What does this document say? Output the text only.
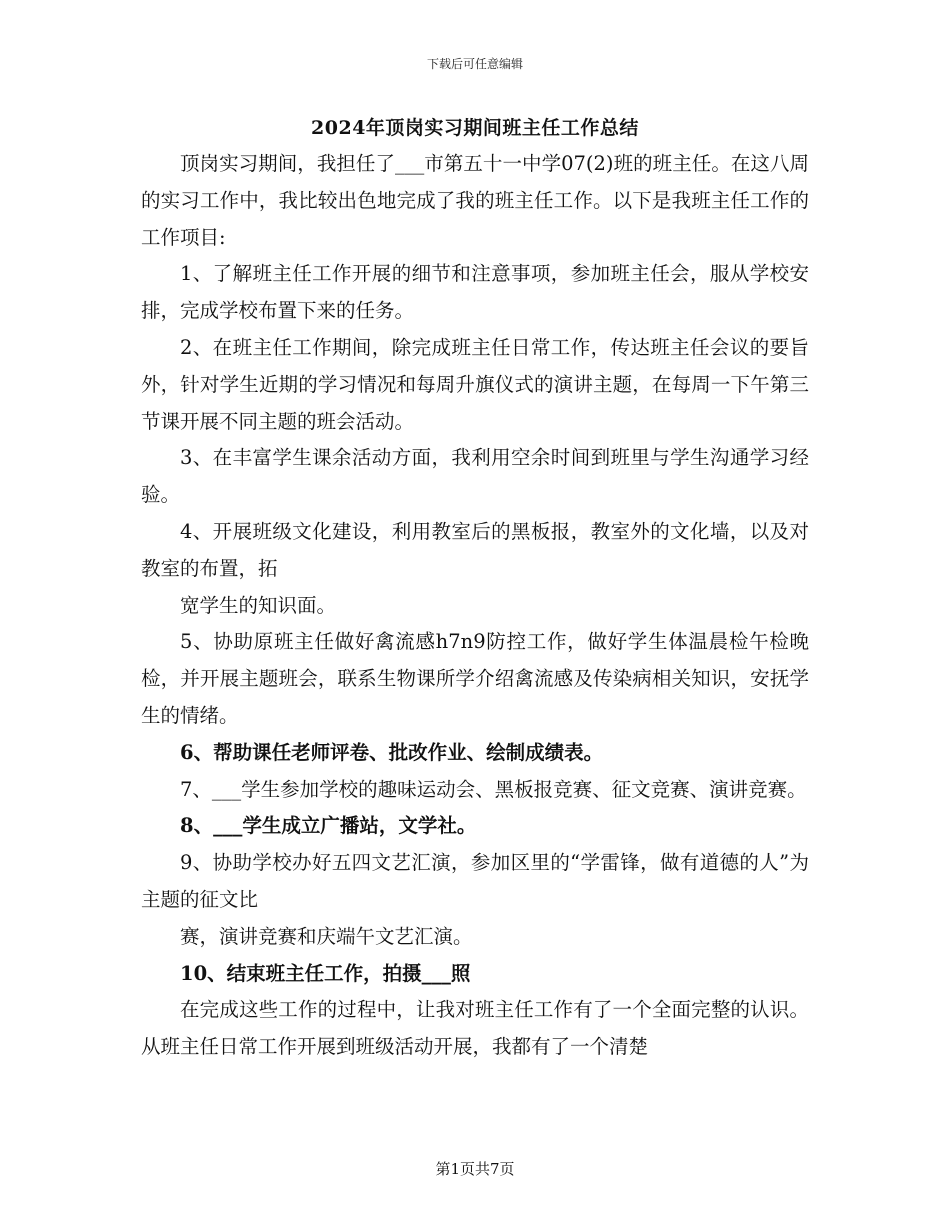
下载后可任意编辑
2024年顶岗实习期间班主任工作总结

顶岗实习期间，我担任了___市第五十一中学07(2)班的班主任。在这八周的实习工作中，我比较出色地完成了我的班主任工作。以下是我班主任工作的工作项目:

1、了解班主任工作开展的细节和注意事项，参加班主任会，服从学校安排，完成学校布置下来的任务。

2、在班主任工作期间，除完成班主任日常工作，传达班主任会议的要旨外，针对学生近期的学习情况和每周升旗仪式的演讲主题，在每周一下午第三节课开展不同主题的班会活动。

3、在丰富学生课余活动方面，我利用空余时间到班里与学生沟通学习经验。

4、开展班级文化建设，利用教室后的黑板报，教室外的文化墙，以及对教室的布置，拓

宽学生的知识面。

5、协助原班主任做好禽流感h7n9防控工作，做好学生体温晨检午检晚检，并开展主题班会，联系生物课所学介绍禽流感及传染病相关知识，安抚学生的情绪。

6、帮助课任老师评卷、批改作业、绘制成绩表。

7、___学生参加学校的趣味运动会、黑板报竞赛、征文竞赛、演讲竞赛。

8、___学生成立广播站，文学社。

9、协助学校办好五四文艺汇演，参加区里的“学雷锋，做有道德的人”为主题的征文比

赛，演讲竞赛和庆端午文艺汇演。

10、结束班主任工作，拍摄___照

在完成这些工作的过程中，让我对班主任工作有了一个全面完整的认识。从班主任日常工作开展到班级活动开展，我都有了一个清楚

第1页共7页
